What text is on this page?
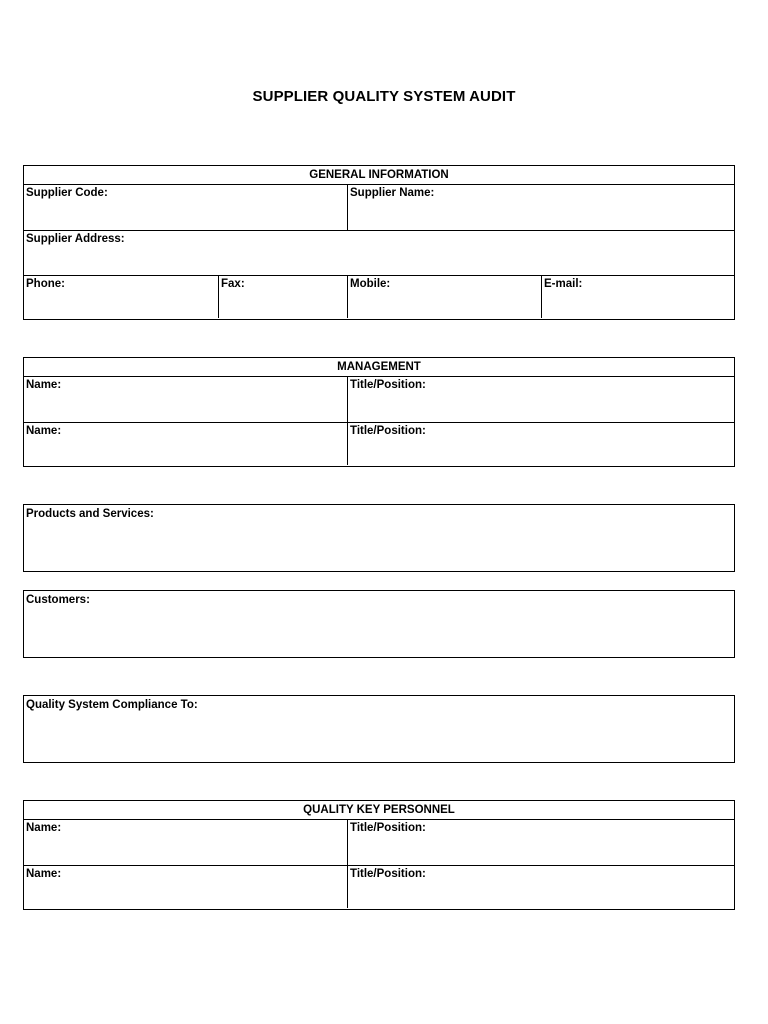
SUPPLIER QUALITY SYSTEM AUDIT
GENERAL INFORMATION
Supplier Code:	Supplier Name:
Supplier Address:
Phone:	Fax:	Mobile:	E-mail:
MANAGEMENT
Name:	Title/Position:
Name:	Title/Position:
Products and Services:
Customers:
Quality System Compliance To:
QUALITY KEY PERSONNEL
Name:	Title/Position:
Name:	Title/Position:
